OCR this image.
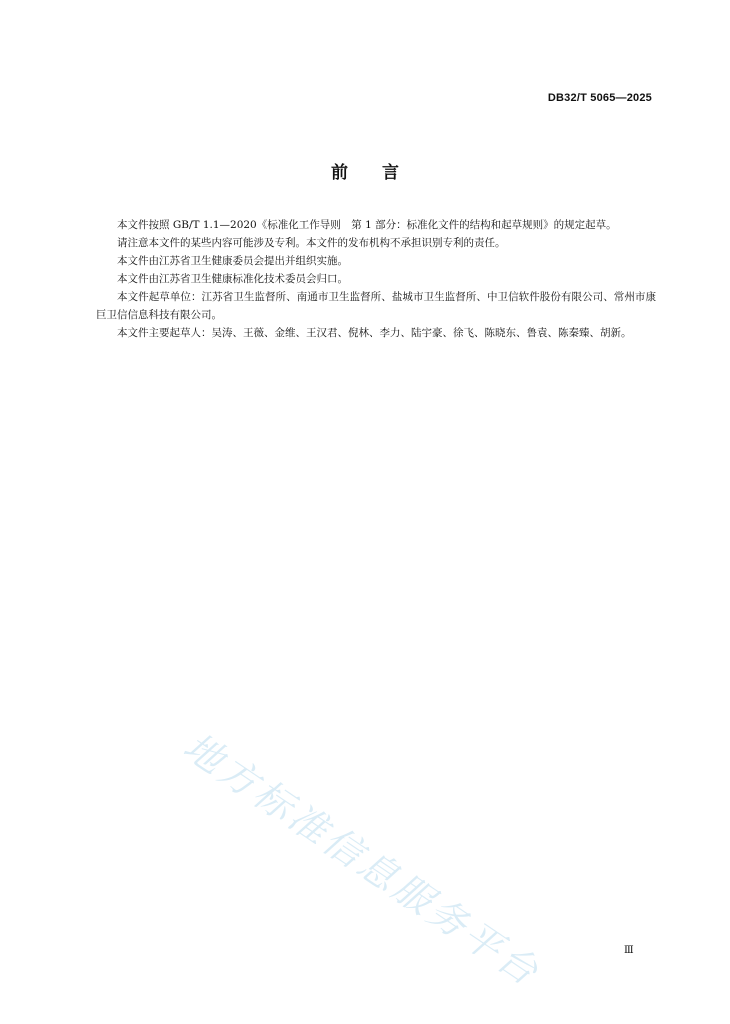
DB32/T 5065—2025
前言

本文件按照 GB/T 1.1—2020《标准化工作导则　第 1 部分：标准化文件的结构和起草规则》的规定起草。

请注意本文件的某些内容可能涉及专利。本文件的发布机构不承担识别专利的责任。

本文件由江苏省卫生健康委员会提出并组织实施。

本文件由江苏省卫生健康标准化技术委员会归口。

本文件起草单位：江苏省卫生监督所、南通市卫生监督所、盐城市卫生监督所、中卫信软件股份有限公司、常州市康巨卫信信息科技有限公司。

本文件主要起草人：吴涛、王薇、金维、王汉君、倪林、李力、陆宇豪、徐飞、陈晓东、鲁袁、陈秦臻、胡新。

地方标准信息服务平台	Ⅲ
